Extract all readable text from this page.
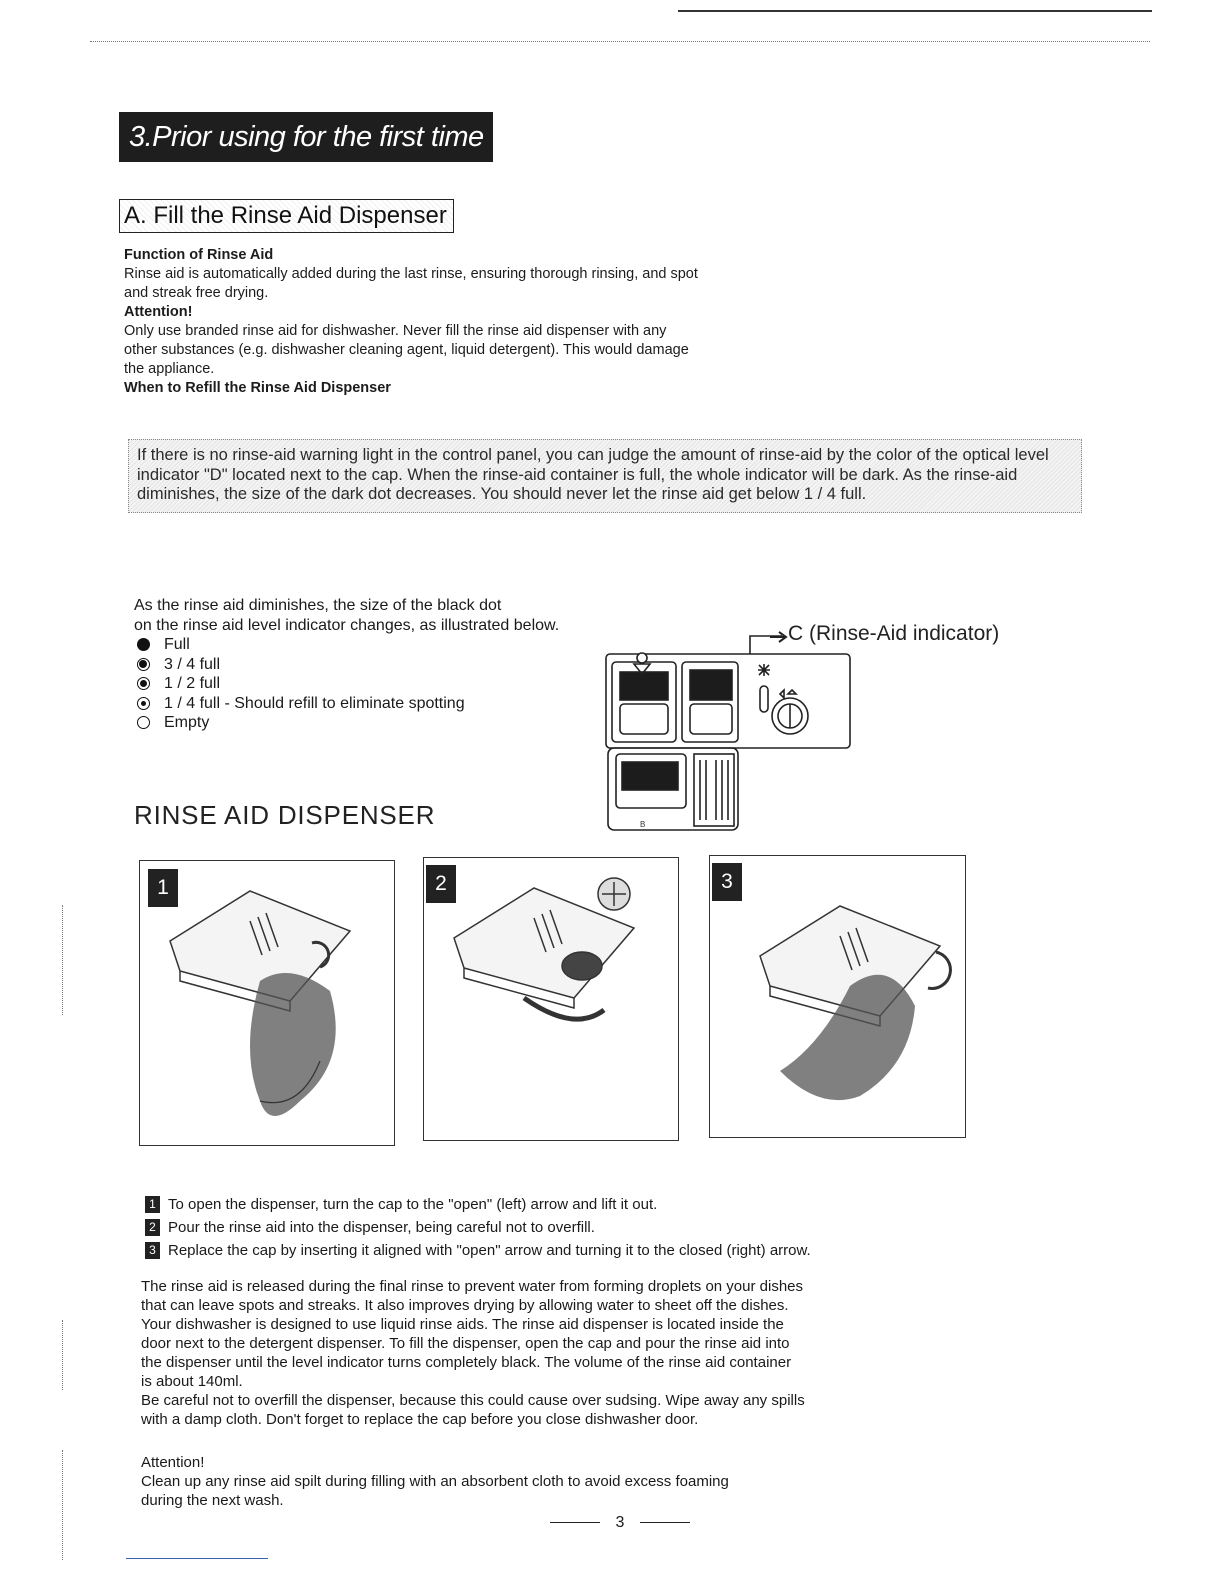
3.Prior using for the first time
A. Fill the Rinse Aid Dispenser
Function of Rinse Aid
Rinse aid is automatically added during the last rinse, ensuring thorough rinsing, and spot
and streak free drying.
Attention!
Only use branded rinse aid for dishwasher. Never fill the rinse aid dispenser with any
other substances (e.g. dishwasher cleaning agent, liquid detergent). This would damage
the appliance.
When to Refill the Rinse Aid Dispenser
If there is no rinse-aid warning light in the control panel, you can judge the amount of rinse-aid by the color of the optical level
indicator "D" located next to the cap. When the rinse-aid container is full, the whole indicator will be dark. As the rinse-aid
diminishes, the size of the dark dot decreases. You should never let the rinse aid get below 1 / 4 full.
As the rinse aid diminishes, the size of the black dot
on the rinse aid level indicator changes, as illustrated below.
Full
3 / 4 full
1 / 2 full
1 / 4 full - Should refill to eliminate spotting
Empty
B
C (Rinse-Aid indicator)
RINSE AID DISPENSER
1	2	3
1 To open the dispenser, turn the cap to the "open" (left) arrow and lift it out.
2 Pour the rinse aid into the dispenser, being careful not to overfill.
3 Replace the cap by inserting it aligned with "open" arrow and turning it to the closed (right) arrow.
The rinse aid is released during the final rinse to prevent water from forming droplets on your dishes
that can leave spots and streaks. It also improves drying by allowing water to sheet off the dishes.
Your dishwasher is designed to use liquid rinse aids. The rinse aid dispenser is located inside the
door next to the detergent dispenser. To fill the dispenser, open the cap and pour the rinse aid into
the dispenser until the level indicator turns completely black. The volume of the rinse aid container
is about 140ml.
Be careful not to overfill the dispenser, because this could cause over sudsing. Wipe away any spills
with a damp cloth. Don't forget to replace the cap before you close dishwasher door.
Attention!
Clean up any rinse aid spilt during filling with an absorbent cloth to avoid excess foaming
during the next wash.
3
